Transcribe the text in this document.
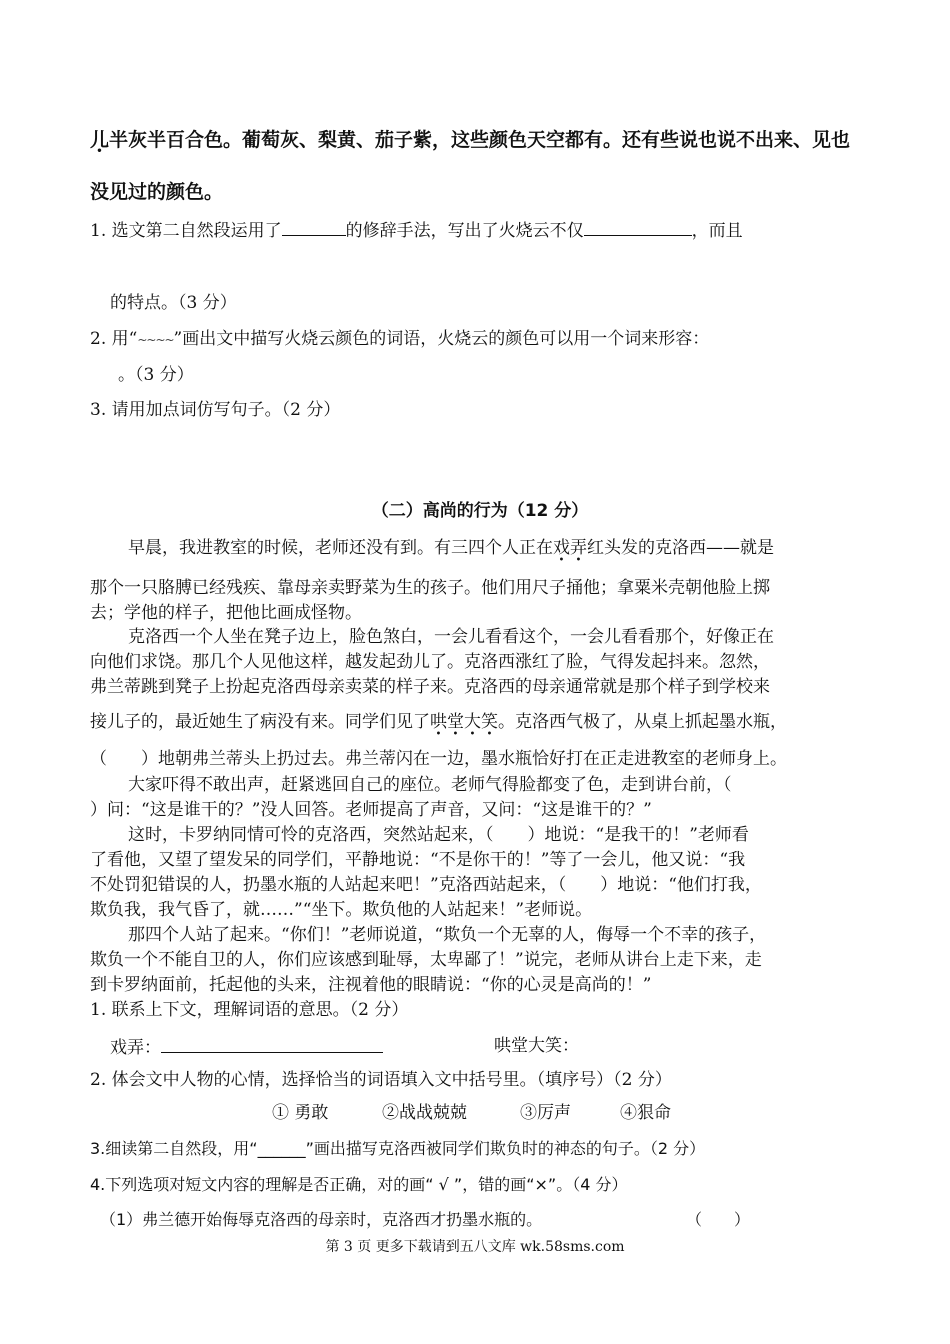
儿半灰半百合色。葡萄灰、梨黄、茄子紫，这些颜色天空都有。还有些说也说不出来、见也
没见过的颜色。
1. 选文第二自然段运用了	的修辞手法，写出了火烧云不仅	，而且
的特点。（3 分）
2. 用“~~~~”画出文中描写火烧云颜色的词语，火烧云的颜色可以用一个词来形容：
。（3 分）
3. 请用加点词仿写句子。（2 分）
（二）高尚的行为（12 分）
早晨，我进教室的时候，老师还没有到。有三四个人正在戏弄红头发的克洛西——就是
那个一只胳膊已经残疾、靠母亲卖野菜为生的孩子。他们用尺子捅他；拿粟米壳朝他脸上掷
去；学他的样子，把他比画成怪物。
克洛西一个人坐在凳子边上，脸色煞白，一会儿看看这个，一会儿看看那个，好像正在
向他们求饶。那几个人见他这样，越发起劲儿了。克洛西涨红了脸，气得发起抖来。忽然，
弗兰蒂跳到凳子上扮起克洛西母亲卖菜的样子来。克洛西的母亲通常就是那个样子到学校来
接儿子的，最近她生了病没有来。同学们见了哄堂大笑。克洛西气极了，从桌上抓起墨水瓶，
（　　）地朝弗兰蒂头上扔过去。弗兰蒂闪在一边，墨水瓶恰好打在正走进教室的老师身上。
大家吓得不敢出声，赶紧逃回自己的座位。老师气得脸都变了色，走到讲台前，（
）问：“这是谁干的？”没人回答。老师提高了声音，又问：“这是谁干的？”
这时，卡罗纳同情可怜的克洛西，突然站起来，（　　）地说：“是我干的！”老师看
了看他，又望了望发呆的同学们，平静地说：“不是你干的！”等了一会儿，他又说：“我
不处罚犯错误的人，扔墨水瓶的人站起来吧！”克洛西站起来，（　　）地说：“他们打我，
欺负我，我气昏了，就……”“坐下。欺负他的人站起来！”老师说。
那四个人站了起来。“你们！”老师说道，“欺负一个无辜的人，侮辱一个不幸的孩子，
欺负一个不能自卫的人，你们应该感到耻辱，太卑鄙了！”说完，老师从讲台上走下来，走
到卡罗纳面前，托起他的头来，注视着他的眼睛说：“你的心灵是高尚的！”
1. 联系上下文，理解词语的意思。（2 分）
戏弄：	哄堂大笑：
2. 体会文中人物的心情，选择恰当的词语填入文中括号里。（填序号）（2 分）
① 勇敢	②战战兢兢	③厉声	④狠命
3.细读第二自然段，用“______”画出描写克洛西被同学们欺负时的神态的句子。（2 分）
4.下列选项对短文内容的理解是否正确，对的画“ √ ”，错的画“×”。（4 分）
（1）弗兰德开始侮辱克洛西的母亲时，克洛西才扔墨水瓶的。	（　　）
第 3 页 更多下载请到五八文库 wk.58sms.com
